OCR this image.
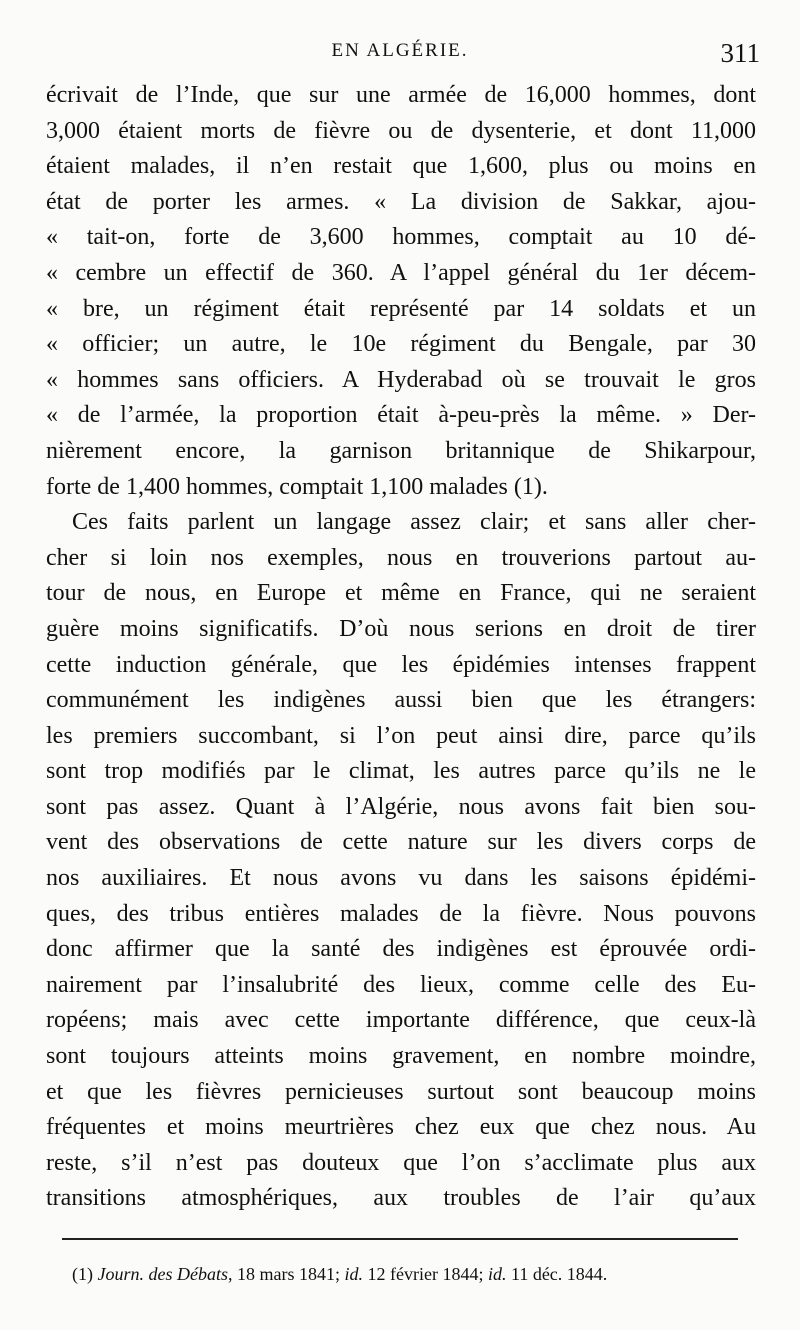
EN ALGÉRIE.	311
écrivait de l’Inde, que sur une armée de 16,000 hommes, dont
3,000 étaient morts de fièvre ou de dysenterie, et dont 11,000
étaient malades, il n’en restait que 1,600, plus ou moins en
état de porter les armes. « La division de Sakkar, ajou-
« tait-on, forte de 3,600 hommes, comptait au 10 dé-
« cembre un effectif de 360. A l’appel général du 1er décem-
« bre, un régiment était représenté par 14 soldats et un
« officier; un autre, le 10e régiment du Bengale, par 30
« hommes sans officiers. A Hyderabad où se trouvait le gros
« de l’armée, la proportion était à-peu-près la même. » Der-
nièrement encore, la garnison britannique de Shikarpour,
forte de 1,400 hommes, comptait 1,100 malades (1).
Ces faits parlent un langage assez clair; et sans aller cher-
cher si loin nos exemples, nous en trouverions partout au-
tour de nous, en Europe et même en France, qui ne seraient
guère moins significatifs. D’où nous serions en droit de tirer
cette induction générale, que les épidémies intenses frappent
communément les indigènes aussi bien que les étrangers:
les premiers succombant, si l’on peut ainsi dire, parce qu’ils
sont trop modifiés par le climat, les autres parce qu’ils ne le
sont pas assez. Quant à l’Algérie, nous avons fait bien sou-
vent des observations de cette nature sur les divers corps de
nos auxiliaires. Et nous avons vu dans les saisons épidémi-
ques, des tribus entières malades de la fièvre. Nous pouvons
donc affirmer que la santé des indigènes est éprouvée ordi-
nairement par l’insalubrité des lieux, comme celle des Eu-
ropéens; mais avec cette importante différence, que ceux-là
sont toujours atteints moins gravement, en nombre moindre,
et que les fièvres pernicieuses surtout sont beaucoup moins
fréquentes et moins meurtrières chez eux que chez nous. Au
reste, s’il n’est pas douteux que l’on s’acclimate plus aux
transitions atmosphériques, aux troubles de l’air qu’aux
(1) Journ. des Débats, 18 mars 1841; id. 12 février 1844; id. 11 déc. 1844.
